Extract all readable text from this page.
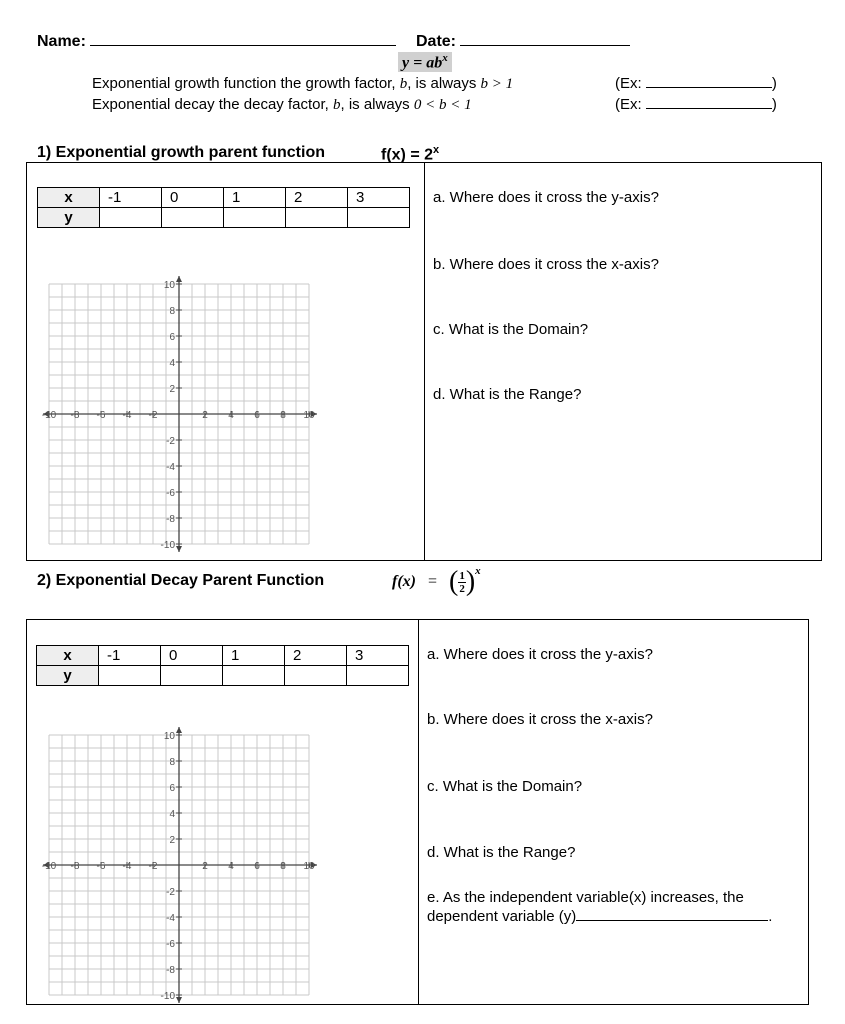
Name:	Date:
$y = ab^x$
Exponential growth function the growth factor, b, is always b > 1	(Ex:	)
Exponential decay the decay factor, b, is always 0 < b < 1	(Ex:	)
1) Exponential growth parent function	$f(x) = 2^x$
x	-1	0	1	2	3
y					
-10 -8 -6 -4 -2	2 4 6 8 10
10
8
6
4
2
-2
-4
-6
-8
-10
a. Where does it cross the y-axis?
b. Where does it cross the x-axis?
c. What is the Domain?
d. What is the Range?
2) Exponential Decay Parent Function	f(x) = ( $\frac{1}{2}$ ) x
x	-1	0	1	2	3
y					
-10 -8 -6 -4 -2	2 4 6 8 10
10
8
6
4
2
-2
-4
-6
-8
-10
a. Where does it cross the y-axis?
b. Where does it cross the x-axis?
c. What is the Domain?
d. What is the Range?
e. As the independent variable(x) increases, the
dependent variable (y)	.
